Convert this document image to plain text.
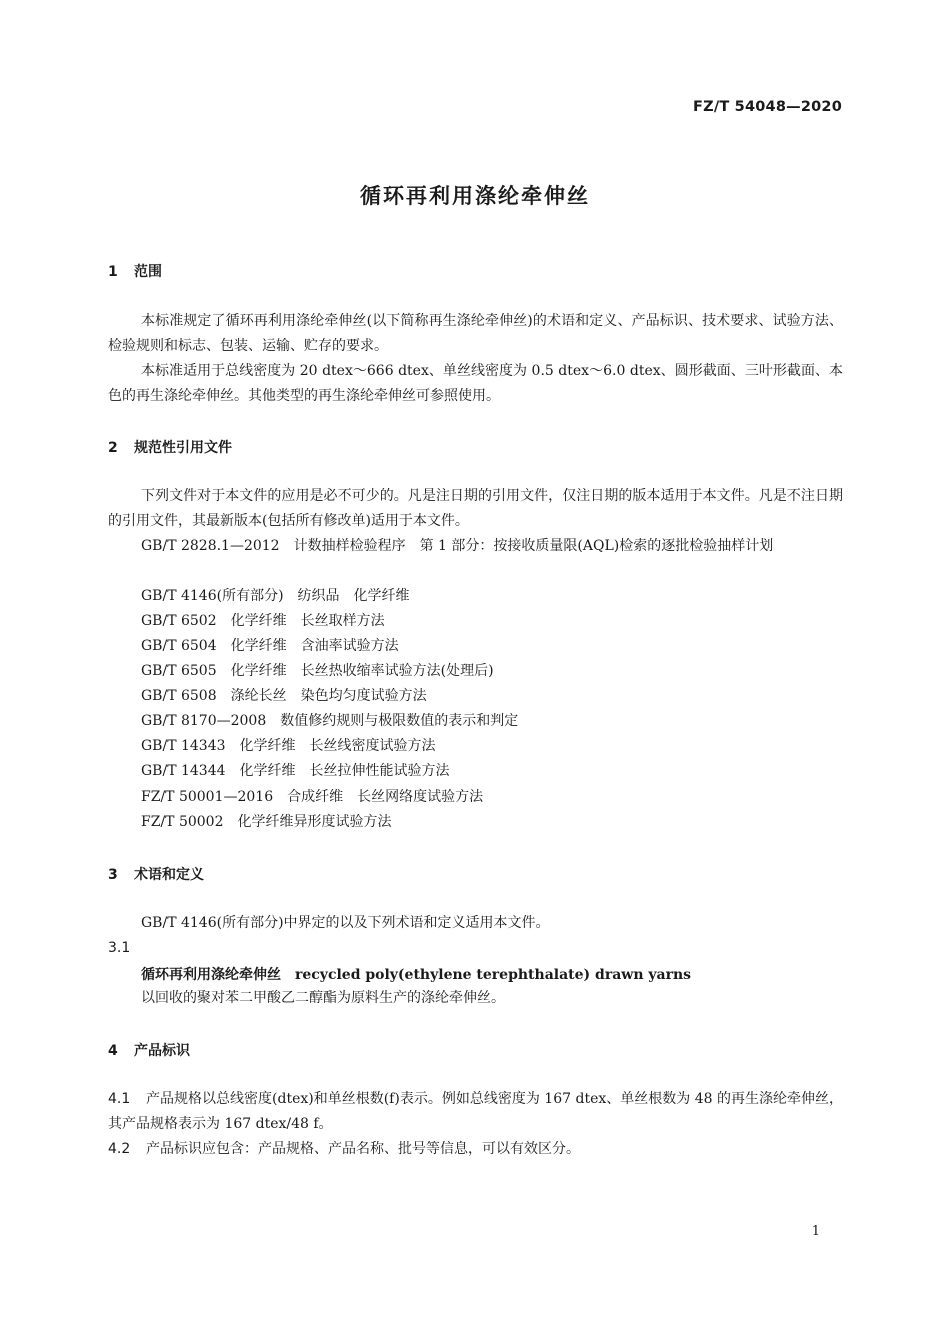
FZ/T 54048—2020
循环再利用涤纶牵伸丝
1 范围
本标准规定了循环再利用涤纶牵伸丝(以下简称再生涤纶牵伸丝)的术语和定义、产品标识、技术要求、试验方法、检验规则和标志、包装、运输、贮存的要求。
本标准适用于总线密度为 20 dtex～666 dtex、单丝线密度为 0.5 dtex～6.0 dtex、圆形截面、三叶形截面、本色的再生涤纶牵伸丝。其他类型的再生涤纶牵伸丝可参照使用。
2 规范性引用文件
下列文件对于本文件的应用是必不可少的。凡是注日期的引用文件，仅注日期的版本适用于本文件。凡是不注日期的引用文件，其最新版本(包括所有修改单)适用于本文件。
GB/T 2828.1—2012　计数抽样检验程序　第 1 部分：按接收质量限(AQL)检索的逐批检验抽样计划
GB/T 4146(所有部分) 纺织品　化学纤维
GB/T 6502 化学纤维　长丝取样方法
GB/T 6504 化学纤维　含油率试验方法
GB/T 6505 化学纤维　长丝热收缩率试验方法(处理后)
GB/T 6508 涤纶长丝　染色均匀度试验方法
GB/T 8170—2008 数值修约规则与极限数值的表示和判定
GB/T 14343 化学纤维　长丝线密度试验方法
GB/T 14344 化学纤维　长丝拉伸性能试验方法
FZ/T 50001—2016 合成纤维　长丝网络度试验方法
FZ/T 50002 化学纤维异形度试验方法
3 术语和定义
GB/T 4146(所有部分)中界定的以及下列术语和定义适用本文件。
3.1
循环再利用涤纶牵伸丝 recycled poly(ethylene terephthalate) drawn yarns
以回收的聚对苯二甲酸乙二醇酯为原料生产的涤纶牵伸丝。
4 产品标识
4.1 产品规格以总线密度(dtex)和单丝根数(f)表示。例如总线密度为 167 dtex、单丝根数为 48 的再生涤纶牵伸丝，其产品规格表示为 167 dtex/48 f。
4.2 产品标识应包含：产品规格、产品名称、批号等信息，可以有效区分。
1
